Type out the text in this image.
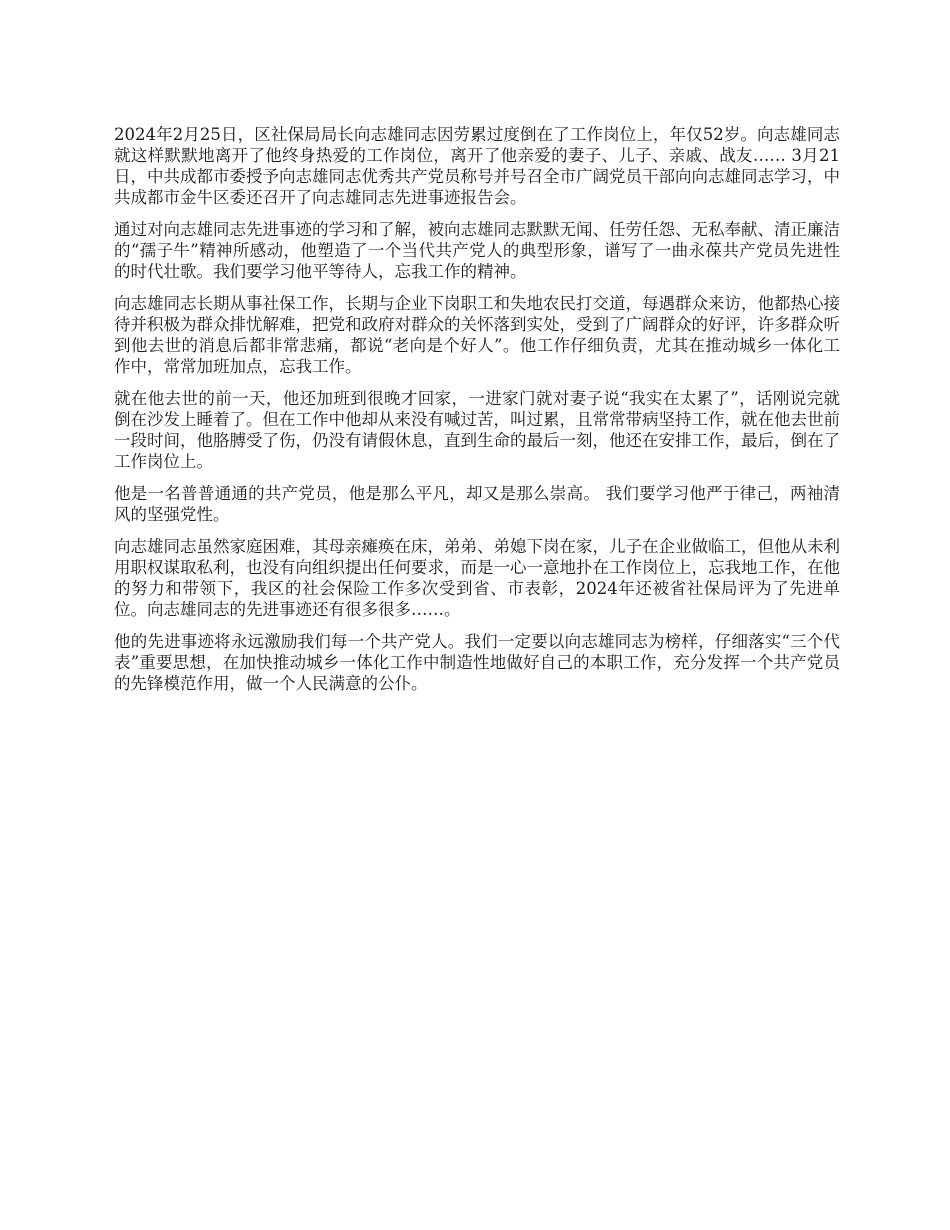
2024年2月25日，区社保局局长向志雄同志因劳累过度倒在了工作岗位上，年仅52岁。向志雄同志就这样默默地离开了他终身热爱的工作岗位，离开了他亲爱的妻子、儿子、亲戚、战友…… 3月21日，中共成都市委授予向志雄同志优秀共产党员称号并号召全市广阔党员干部向向志雄同志学习，中共成都市金牛区委还召开了向志雄同志先进事迹报告会。

通过对向志雄同志先进事迹的学习和了解，被向志雄同志默默无闻、任劳任怨、无私奉献、清正廉洁的“孺子牛”精神所感动，他塑造了一个当代共产党人的典型形象，谱写了一曲永葆共产党员先进性的时代壮歌。我们要学习他平等待人，忘我工作的精神。

向志雄同志长期从事社保工作，长期与企业下岗职工和失地农民打交道，每遇群众来访，他都热心接待并积极为群众排忧解难，把党和政府对群众的关怀落到实处，受到了广阔群众的好评，许多群众听到他去世的消息后都非常悲痛，都说“老向是个好人”。他工作仔细负责，尤其在推动城乡一体化工作中，常常加班加点，忘我工作。

就在他去世的前一天，他还加班到很晚才回家，一进家门就对妻子说“我实在太累了”，话刚说完就倒在沙发上睡着了。但在工作中他却从来没有喊过苦，叫过累，且常常带病坚持工作，就在他去世前一段时间，他胳膊受了伤，仍没有请假休息，直到生命的最后一刻，他还在安排工作，最后，倒在了工作岗位上。

他是一名普普通通的共产党员，他是那么平凡，却又是那么崇高。 我们要学习他严于律己，两袖清风的坚强党性。

向志雄同志虽然家庭困难，其母亲瘫痪在床，弟弟、弟媳下岗在家，儿子在企业做临工，但他从未利用职权谋取私利，也没有向组织提出任何要求，而是一心一意地扑在工作岗位上，忘我地工作，在他的努力和带领下，我区的社会保险工作多次受到省、市表彰，2024年还被省社保局评为了先进单位。向志雄同志的先进事迹还有很多很多……。

他的先进事迹将永远激励我们每一个共产党人。我们一定要以向志雄同志为榜样，仔细落实“三个代表”重要思想，在加快推动城乡一体化工作中制造性地做好自己的本职工作，充分发挥一个共产党员的先锋模范作用，做一个人民满意的公仆。
